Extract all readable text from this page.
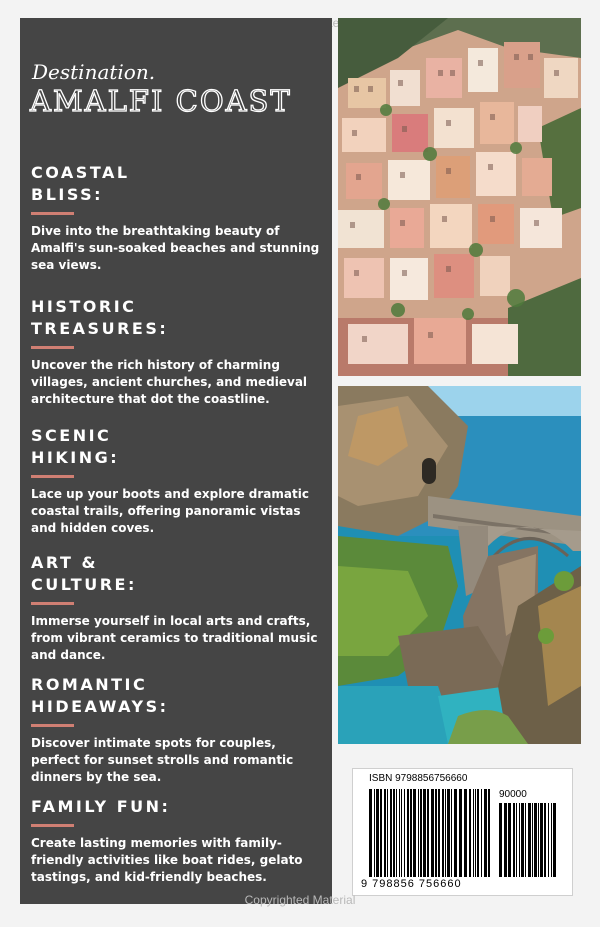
Material
Destination.
AMALFI COAST
COASTAL
BLISS:
Dive into the breathtaking beauty of Amalfi's sun-soaked beaches and stunning sea views.
HISTORIC
TREASURES:
Uncover the rich history of charming villages, ancient churches, and medieval architecture that dot the coastline.
SCENIC
HIKING:
Lace up your boots and explore dramatic coastal trails, offering panoramic vistas and hidden coves.
ART &
CULTURE:
Immerse yourself in local arts and crafts, from vibrant ceramics to traditional music and dance.
ROMANTIC
HIDEAWAYS:
Discover intimate spots for couples, perfect for sunset strolls and romantic dinners by the sea.
FAMILY FUN:
Create lasting memories with family-friendly activities like boat rides, gelato tastings, and kid-friendly beaches.
ISBN 9798856756660
90000
9 798856 756660
Copyrighted Material
